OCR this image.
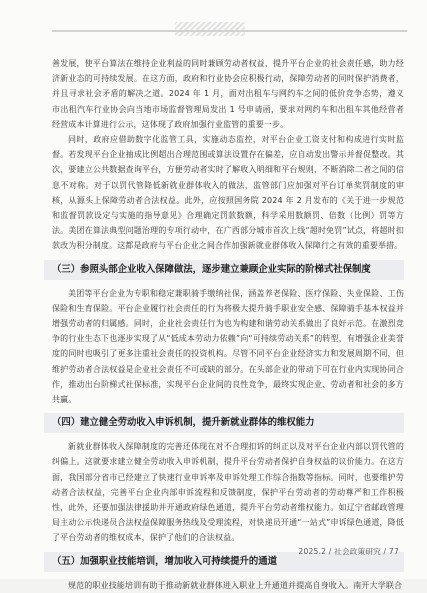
善发展，使平台算法在维持企业利益的同时兼顾劳动者权益，提升平台企业的社会责任感，助力经济新业态的可持续发展。在这方面，政府和行业协会应积极行动，保障劳动者的同时保护消费者，并且寻求社会矛盾的解决之道。2024 年 1 月，面对出租车与网约车之间的低价竞争态势，遵义市出租汽车行业协会向当地市场监督管理局发出 1 号申请函，要求对网约车和出租车其他经营者经营成本计算进行公示，这体现了政府加强行业监管的重要一步。

同时，政府应借助数字化监管工具，实施动态监控，对平台企业工资支付和构成进行实时监督。若发现平台企业抽成比例超出合理范围或算法设置存在偏差，应自动发出警示并督促整改。其次，要建立公共数据查询平台，方便劳动者实时了解收入明细和平台规则，不断消除二者之间的信息不对称。对于以罚代管降低新就业群体收入的做法，监管部门应加强对平台订单奖罚制度的审核，从源头上保障劳动者合法权益。此外，应按照国务院 2024 年 2 月发布的《关于进一步规范和监督罚款设定与实施的指导意见》合理确定罚款数额，科学采用数额罚、倍数（比例）罚等方法。美团在算法典型问题治理的专项行动中，在广西部分城市首次上线“超时免罚”试点，将超时扣款改为积分制度。这都是政府与平台企业之间合作加强新就业群体收入保障行之有效的重要举措。

（三）参照头部企业收入保障做法，逐步建立兼顾企业实际的阶梯式社保制度

美团等平台企业为专职和稳定兼职骑手缴纳社保，涵盖养老保险、医疗保险、失业保险、工伤保险和生育保险。平台企业履行社会责任的行为将极大提升骑手职业安全感、保障骑手基本权益并增强劳动者的归属感。同时，企业社会责任行为也为构建和谐劳动关系做出了良好示范。在激烈竞争的行业生态下也逐步实现了从“低成本劳动力依赖”向“可持续劳动关系”的转型，有增强企业美誉度的同时也吸引了更多注重社会责任的投资机构。尽管不同平台企业经济实力和发展周期不同，但维护劳动者合法权益是企业社会责任不可或缺的部分。在头部企业的带动下可在行业内实现协同合作，推动出台阶梯式社保标准，实现平台企业间的良性竞争，最终实现企业、劳动者和社会的多方共赢。

（四）建立健全劳动收入申诉机制，提升新就业群体的维权能力

新就业群体收入保障制度的完善还体现在对不合理扣诉的纠正以及对平台企业内部以罚代管的纠偏上。这就要求建立健全劳动收入申诉机制，提升平台劳动者保护自身权益的议价能力。在这方面，我国部分省市已经建立了快速行业申诉率及申诉处理工作综合指数等指标。同时，也要维护劳动者合法权益，完善平台企业内部申诉流程和反馈制度，保护平台劳动者的劳动尊严和工作积极性，此外，还要加强法律援助并开通政府绿色通道，提升平台劳动者维权能力。如辽宁省邮政管理局主动公示快递员合法权益保障服务热线及受理流程，对快递员开通“一站式”申诉绿色通道，降低了平台劳动者的维权成本，保护了他们的合法权益。

（五）加强职业技能培训，增加收入可持续提升的通道

规范的职业技能培训有助于推动新就业群体进入职业上升通道并提高自身收入。南开大学联合

2025.2 / 社会政策研究 / 77
